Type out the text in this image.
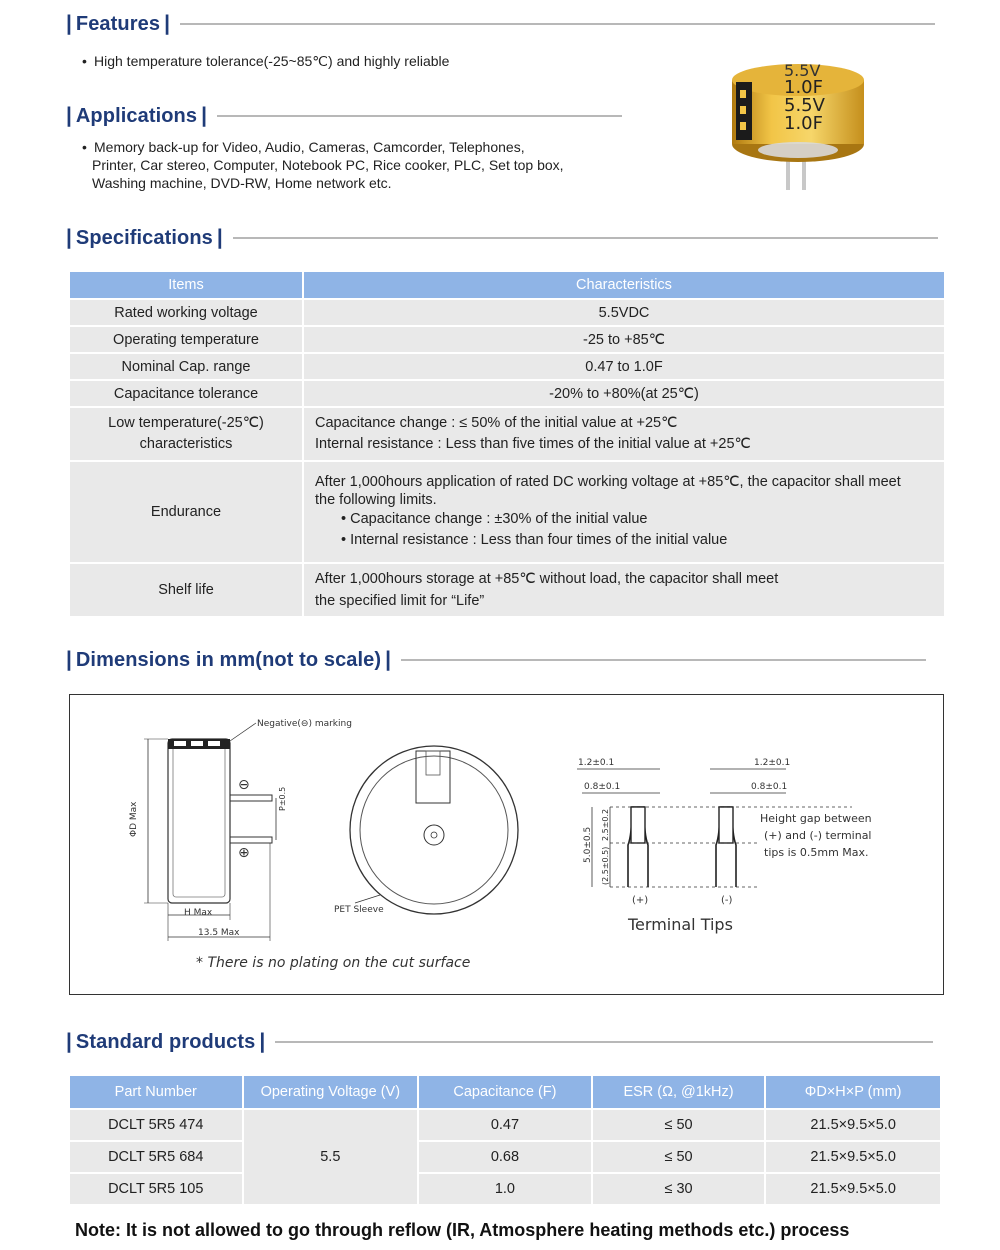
| Features |
• High temperature tolerance(-25~85℃) and highly reliable
| Applications |
• Memory back-up for Video, Audio, Cameras, Camcorder, Telephones,
Printer, Car stereo, Computer, Notebook PC, Rice cooker, PLC, Set top box,
Washing machine, DVD-RW, Home network etc.
5.5V
1.0F
5.5V
1.0F
| Specifications |
Items	Characteristics
Rated working voltage	5.5VDC
Operating temperature	-25 to +85℃
Nominal Cap. range	0.47 to 1.0F
Capacitance tolerance	-20% to +80%(at 25℃)

Low temperature(-25℃)
characteristics	Capacitance change : ≤ 50% of the initial value at +25℃
Internal resistance : Less than five times of the initial value at +25℃

Endurance	After 1,000hours application of rated DC working voltage at +85℃, the capacitor shall meet
the following limits.
• Capacitance change : ±30% of the initial value
• Internal resistance : Less than four times of the initial value

Shelf life	After 1,000hours storage at +85℃ without load, the capacitor shall meet
the specified limit for “Life”
| Dimensions in mm(not to scale) |
ΦD Max
P±0.5
⊖
⊕
H Max
13.5 Max
Negative(⊖) marking
PET Sleeve
1.2±0.1
0.8±0.1
1.2±0.1
0.8±0.1
5.0±0.5
2.5±0.2
(2.5±0.5)
(+)	(-)
Terminal Tips
Height gap between
(+) and (-) terminal
tips is 0.5mm Max.
* There is no plating on the cut surface
| Standard products |
Part Number	Operating Voltage (V)	Capacitance (F)	ESR (Ω, @1kHz)	ΦD×H×P (mm)
DCLT 5R5 474	5.5	0.47	≤ 50	21.5×9.5×5.0
DCLT 5R5 684		0.68	≤ 50	21.5×9.5×5.0
DCLT 5R5 105		1.0	≤ 30	21.5×9.5×5.0
Note: It is not allowed to go through reflow (IR, Atmosphere heating methods etc.) process
